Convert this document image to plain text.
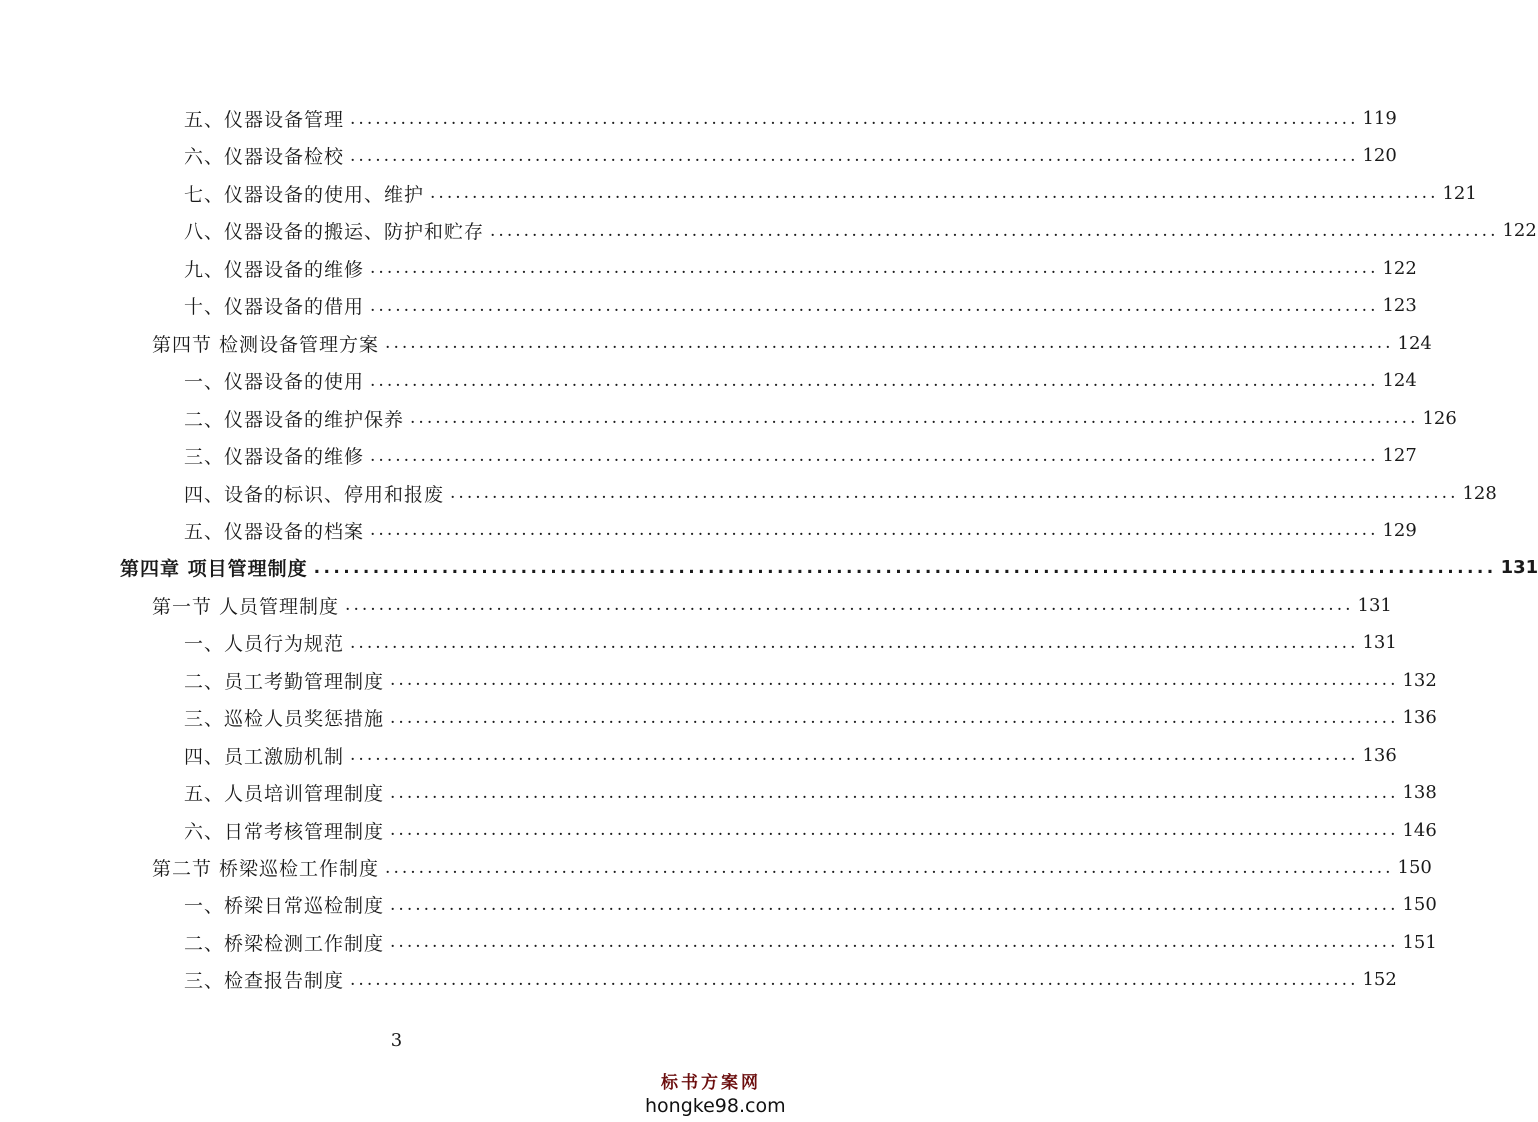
五、仪器设备管理 ........................................................................................................................ 119
六、仪器设备检校 ........................................................................................................................ 120
七、仪器设备的使用、维护 ........................................................................................................................ 121
八、仪器设备的搬运、防护和贮存 ........................................................................................................................ 122
九、仪器设备的维修 ........................................................................................................................ 122
十、仪器设备的借用 ........................................................................................................................ 123
第四节 检测设备管理方案 ........................................................................................................................ 124
一、仪器设备的使用 ........................................................................................................................ 124
二、仪器设备的维护保养 ........................................................................................................................ 126
三、仪器设备的维修 ........................................................................................................................ 127
四、设备的标识、停用和报废 ........................................................................................................................ 128
五、仪器设备的档案 ........................................................................................................................ 129
第四章 项目管理制度 ........................................................................................................................ 131
第一节 人员管理制度 ........................................................................................................................ 131
一、人员行为规范 ........................................................................................................................ 131
二、员工考勤管理制度 ........................................................................................................................ 132
三、巡检人员奖惩措施 ........................................................................................................................ 136
四、员工激励机制 ........................................................................................................................ 136
五、人员培训管理制度 ........................................................................................................................ 138
六、日常考核管理制度 ........................................................................................................................ 146
第二节 桥梁巡检工作制度 ........................................................................................................................ 150
一、桥梁日常巡检制度 ........................................................................................................................ 150
二、桥梁检测工作制度 ........................................................................................................................ 151
三、检查报告制度 ........................................................................................................................ 152
3
标书方案网
hongke98.com
